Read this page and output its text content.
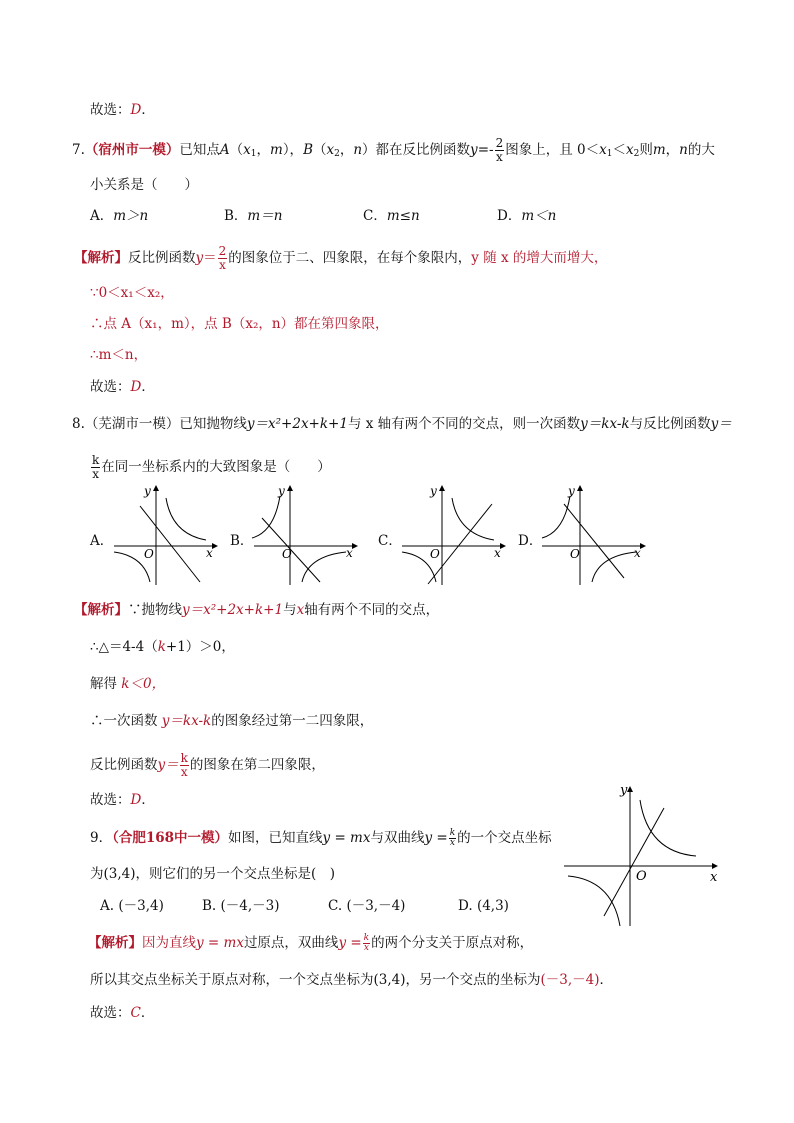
故选：D．
7.（宿州市一模）已知点$A(x_1$，m），$B(x_2$，n）都在反比例函数$y=- \frac{2}{x}$ 图象上，且 $0<x_1<x_2$则m，n的大
小关系是（　　）
A．m＞n	B．m＝n	C．m≤n	D．m＜n
【解析】反比例函数$y= \frac{2}{x}$ 的图象位于二、四象限，在每个象限内，y 随 x 的增大而增大，
∵0＜x₁＜x₂，
∴点 A（x₁，m），点 B（x₂，n）都在第四象限，
∴m＜n，
故选：D．
8.（芜湖市一模）已知抛物线y＝x²+2x+k+1与 x 轴有两个不同的交点，则一次函数y＝kx-k与反比例函数y＝
$\frac{k}{x}$ 在同一坐标系内的大致图象是（　　）
A．
y
x
O
B．
y
x
O
C．
y
x
O
D．
y
x
O
【解析】∵抛物线y＝x²+2x+k+1与x轴有两个不同的交点，
∴△＝4-4（k+1）＞0，
解得 k＜0，
∴一次函数 y＝kx-k的图象经过第一二四象限，
反比例函数$y= \frac{k}{x}$ 的图象在第二四象限，
故选：D．
y
x
O
9．（合肥168中一模）如图，已知直线y = mx与双曲线$y = \frac{k}{x}$ 的一个交点坐标
为(3,4)，则它们的另一个交点坐标是(　)
A. (－3,4)	B. (－4,－3)	C. (－3,－4)	D. (4,3)
【解析】因为直线y = mx过原点，双曲线$y = \frac{k}{x}$ 的两个分支关于原点对称，
所以其交点坐标关于原点对称，一个交点坐标为(3,4)，另一个交点的坐标为(－3,－4)．
故选：C．
